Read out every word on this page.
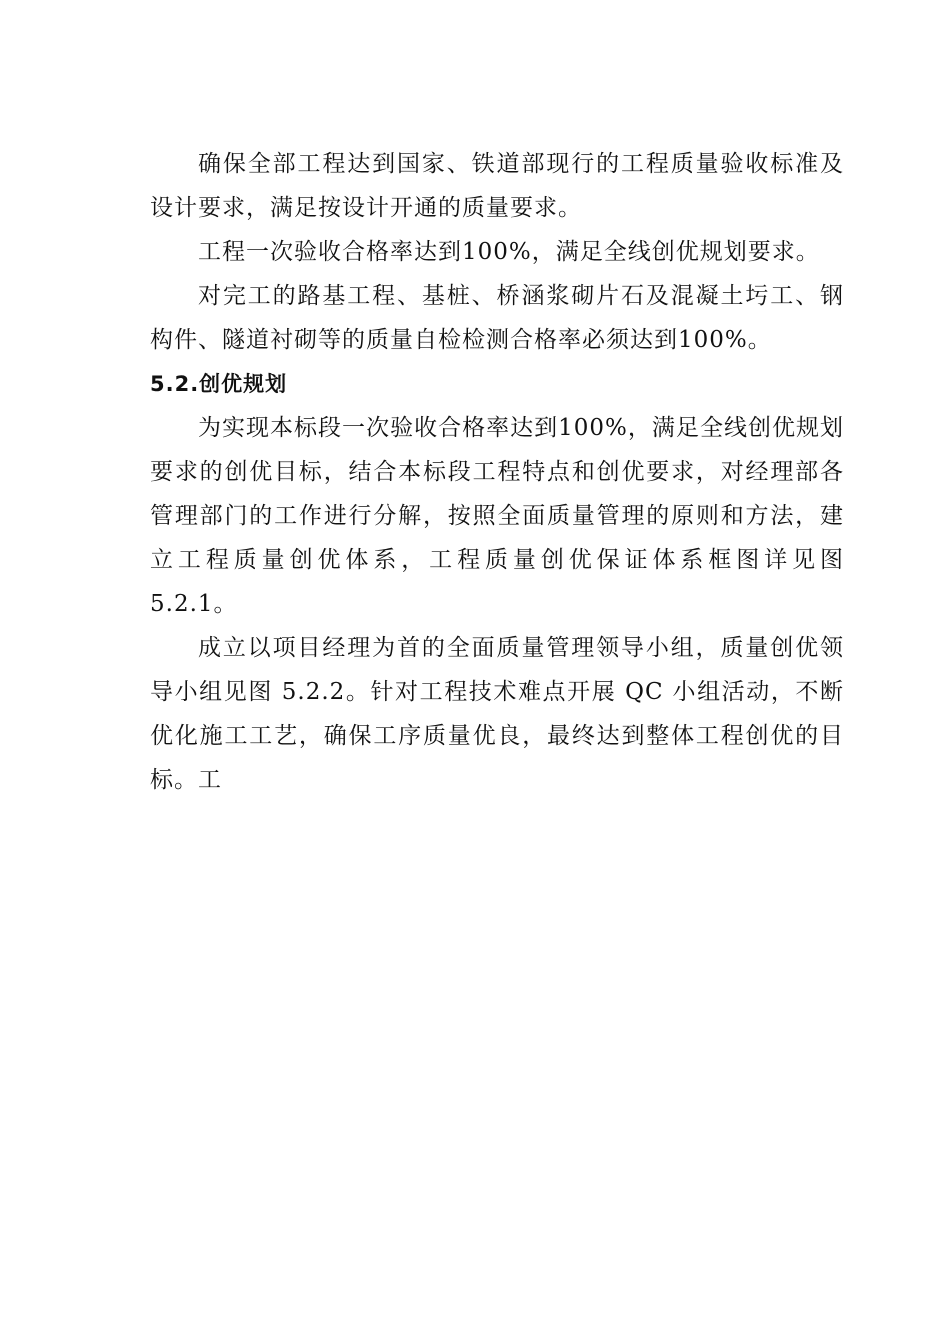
确保全部工程达到国家、铁道部现行的工程质量验收标准及设计要求，满足按设计开通的质量要求。

工程一次验收合格率达到100%，满足全线创优规划要求。

对完工的路基工程、基桩、桥涵浆砌片石及混凝土圬工、钢构件、隧道衬砌等的质量自检检测合格率必须达到100%。

5.2.创优规划

为实现本标段一次验收合格率达到100%，满足全线创优规划要求的创优目标，结合本标段工程特点和创优要求，对经理部各管理部门的工作进行分解，按照全面质量管理的原则和方法，建立工程质量创优体系，工程质量创优保证体系框图详见图 5.2.1。

成立以项目经理为首的全面质量管理领导小组，质量创优领导小组见图 5.2.2。针对工程技术难点开展 QC 小组活动，不断优化施工工艺，确保工序质量优良，最终达到整体工程创优的目标。工
